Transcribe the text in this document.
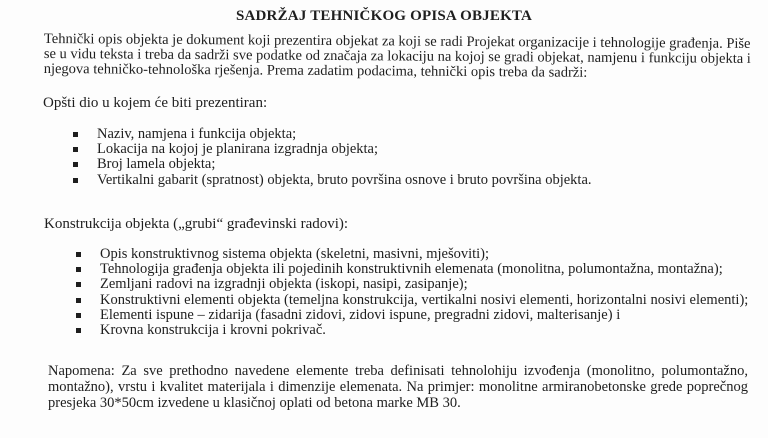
SADRŽAJ TEHNIČKOG OPISA OBJEKTA

Tehnički opis objekta je dokument koji prezentira objekat za koji se radi Projekat organizacije i tehnologije građenja. Piše
se u vidu teksta i treba da sadrži sve podatke od značaja za lokaciju na kojoj se gradi objekat, namjenu i funkciju objekta i
njegova tehničko-tehnološka rješenja. Prema zadatim podacima, tehnički opis treba da sadrži:

Opšti dio u kojem će biti prezentiran:
Naziv, namjena i funkcija objekta;
Lokacija na kojoj je planirana izgradnja objekta;
Broj lamela objekta;
Vertikalni gabarit (spratnost) objekta, bruto površina osnove i bruto površina objekta.
Konstrukcija objekta („grubi“ građevinski radovi):
Opis konstruktivnog sistema objekta (skeletni, masivni, mješoviti);
Tehnologija građenja objekta ili pojedinih konstruktivnih elemenata (monolitna, polumontažna, montažna);
Zemljani radovi na izgradnji objekta (iskopi, nasipi, zasipanje);
Konstruktivni elementi objekta (temeljna konstrukcija, vertikalni nosivi elementi, horizontalni nosivi elementi);
Elementi ispune – zidarija (fasadni zidovi, zidovi ispune, pregradni zidovi, malterisanje) i
Krovna konstrukcija i krovni pokrivač.
Napomena: Za sve prethodno navedene elemente treba definisati tehnolohiju izvođenja (monolitno, polumontažno,
montažno), vrstu i kvalitet materijala i dimenzije elemenata. Na primjer: monolitne armiranobetonske grede poprečnog
presjeka 30*50cm izvedene u klasičnoj oplati od betona marke MB 30.
